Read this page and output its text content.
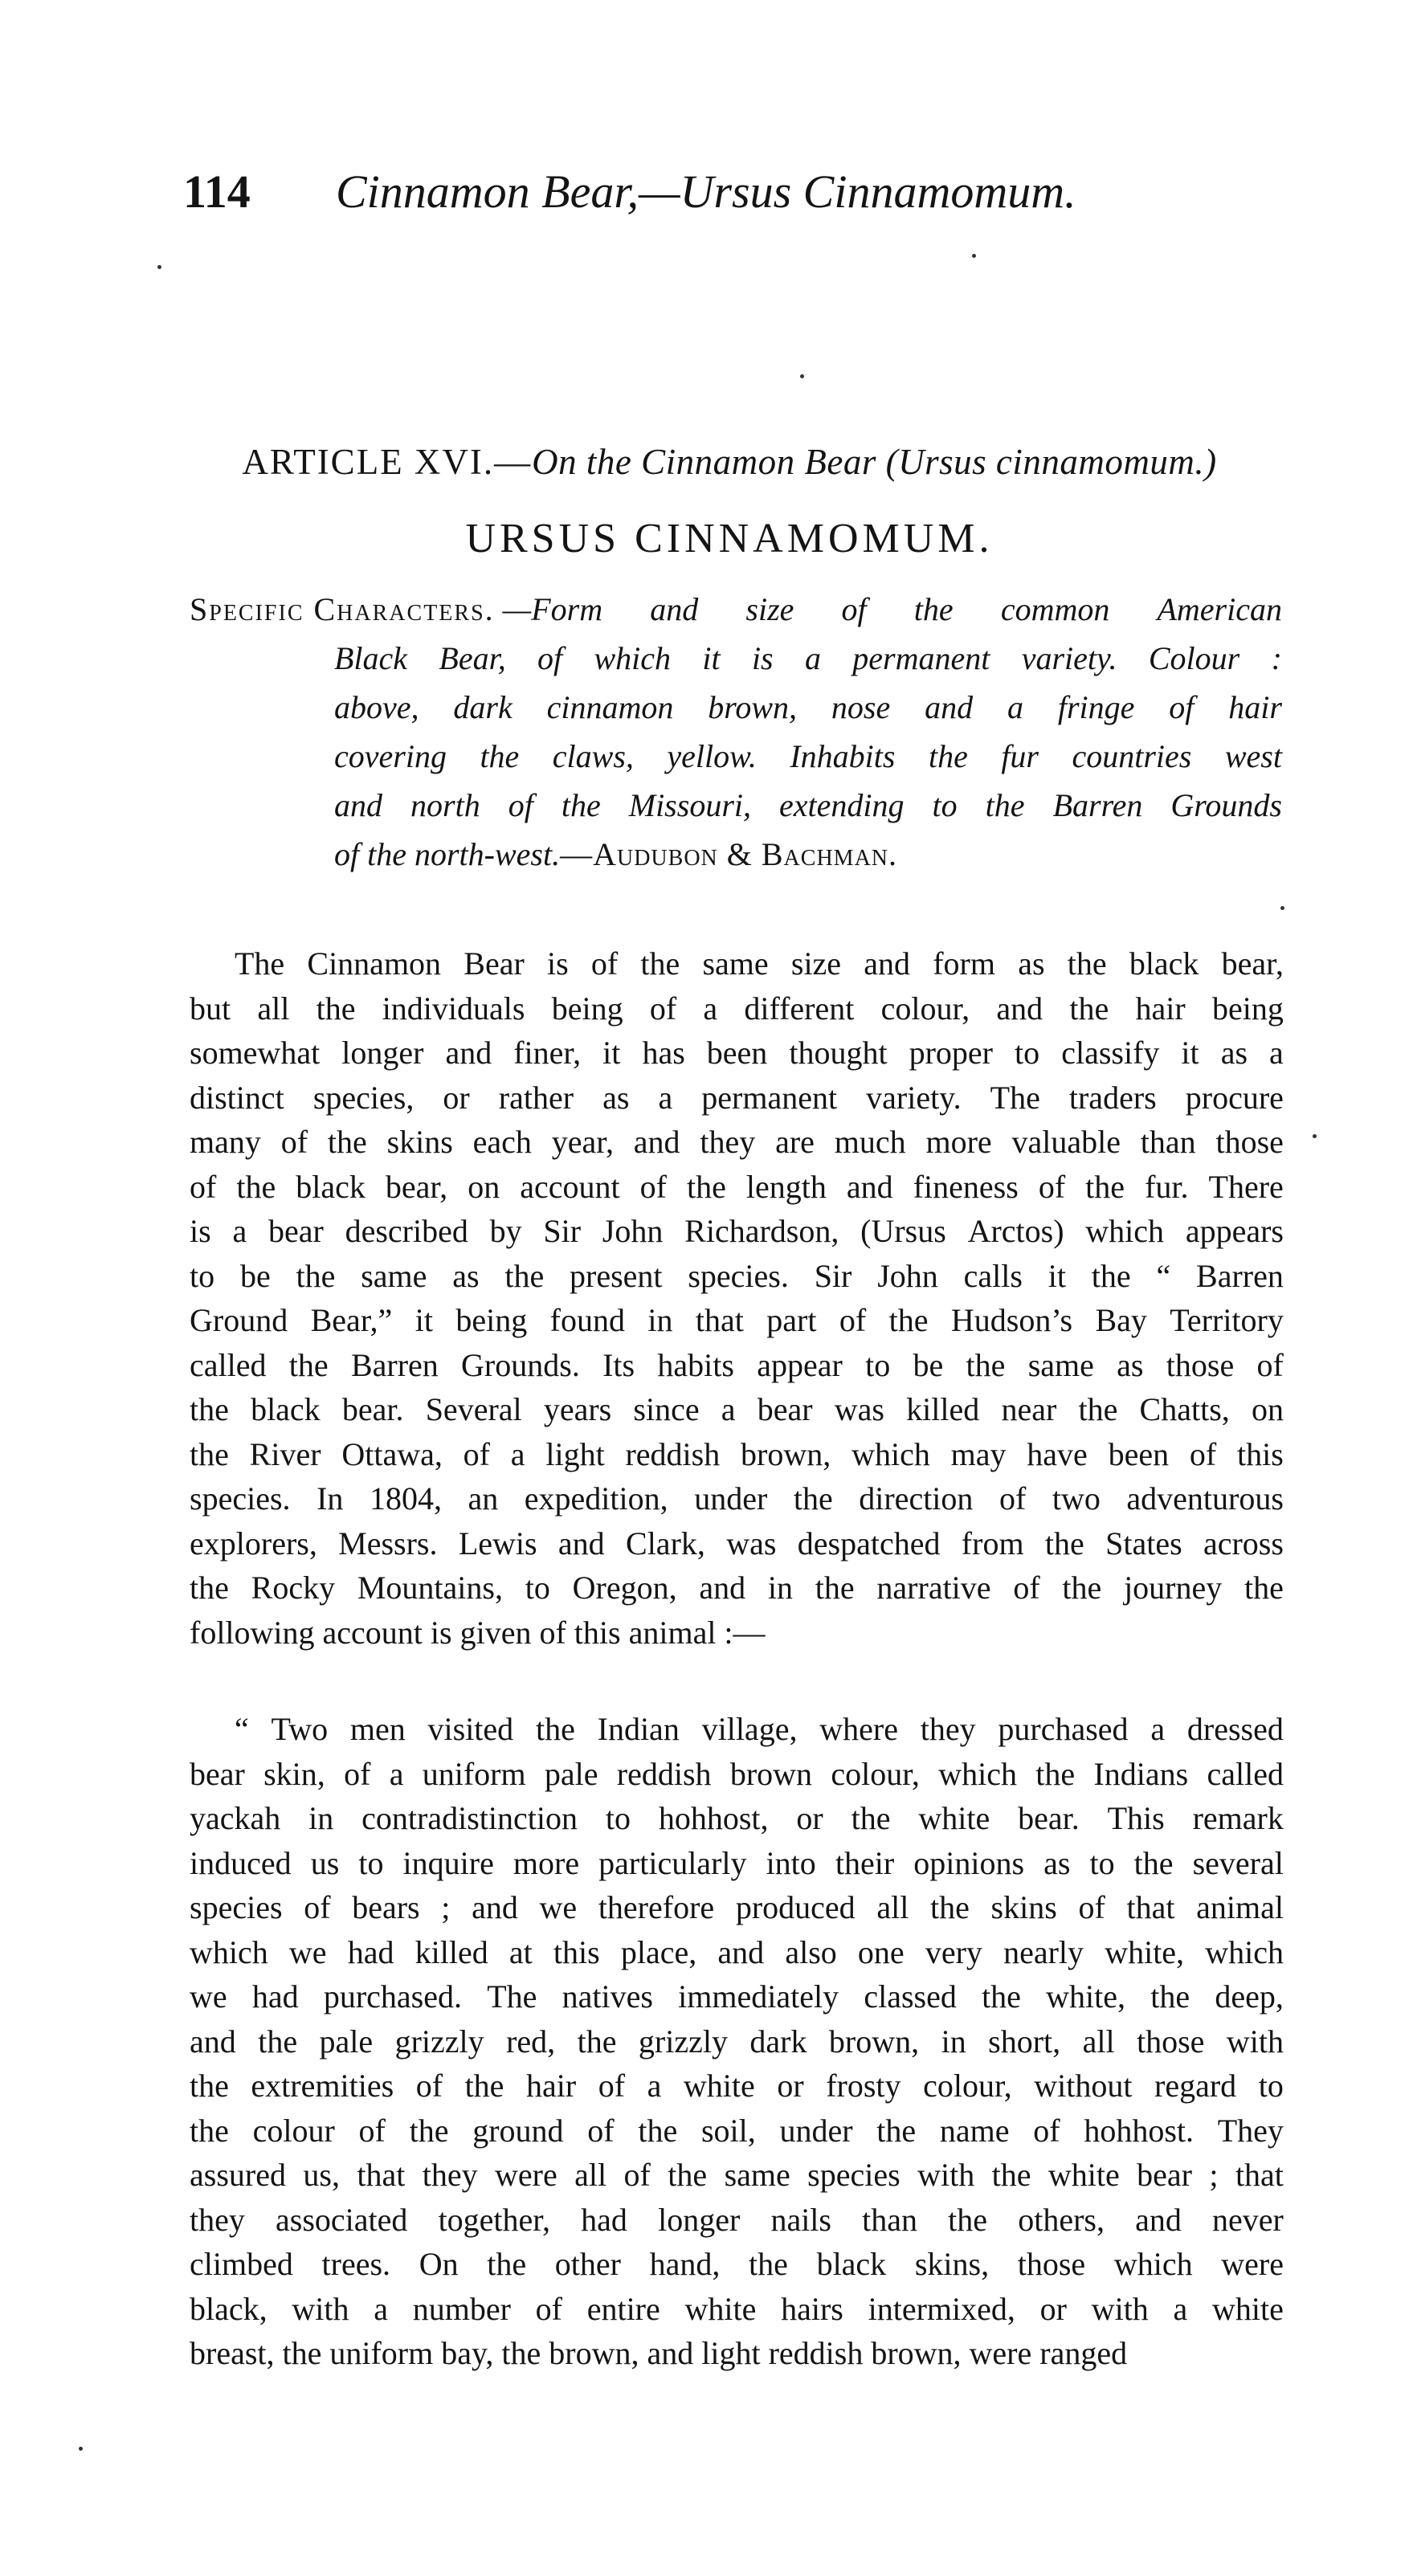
114 Cinnamon Bear,—Ursus Cinnamomum.
ARTICLE XVI.—On the Cinnamon Bear (Ursus cinnamomum.)
URSUS CINNAMOMUM.
Specific Characters. —Form and size of the common American
Black Bear, of which it is a permanent variety. Colour :
above, dark cinnamon brown, nose and a fringe of hair
covering the claws, yellow. Inhabits the fur countries west
and north of the Missouri, extending to the Barren Grounds
of the north-west. —Audubon & Bachman.
The Cinnamon Bear is of the same size and form as the black bear,
but all the individuals being of a different colour, and the hair being
somewhat longer and finer, it has been thought proper to classify it as a
distinct species, or rather as a permanent variety. The traders procure
many of the skins each year, and they are much more valuable than those
of the black bear, on account of the length and fineness of the fur. There
is a bear described by Sir John Richardson, (Ursus Arctos) which appears
to be the same as the present species. Sir John calls it the “ Barren
Ground Bear,” it being found in that part of the Hudson’s Bay Territory
called the Barren Grounds. Its habits appear to be the same as those of
the black bear. Several years since a bear was killed near the Chatts, on
the River Ottawa, of a light reddish brown, which may have been of this
species. In 1804, an expedition, under the direction of two adventurous
explorers, Messrs. Lewis and Clark, was despatched from the States across
the Rocky Mountains, to Oregon, and in the narrative of the journey the
following account is given of this animal :—
“ Two men visited the Indian village, where they purchased a dressed
bear skin, of a uniform pale reddish brown colour, which the Indians called
yackah in contradistinction to hohhost, or the white bear. This remark
induced us to inquire more particularly into their opinions as to the several
species of bears ; and we therefore produced all the skins of that animal
which we had killed at this place, and also one very nearly white, which
we had purchased. The natives immediately classed the white, the deep,
and the pale grizzly red, the grizzly dark brown, in short, all those with
the extremities of the hair of a white or frosty colour, without regard to
the colour of the ground of the soil, under the name of hohhost. They
assured us, that they were all of the same species with the white bear ; that
they associated together, had longer nails than the others, and never
climbed trees. On the other hand, the black skins, those which were
black, with a number of entire white hairs intermixed, or with a white
breast, the uniform bay, the brown, and light reddish brown, were ranged
